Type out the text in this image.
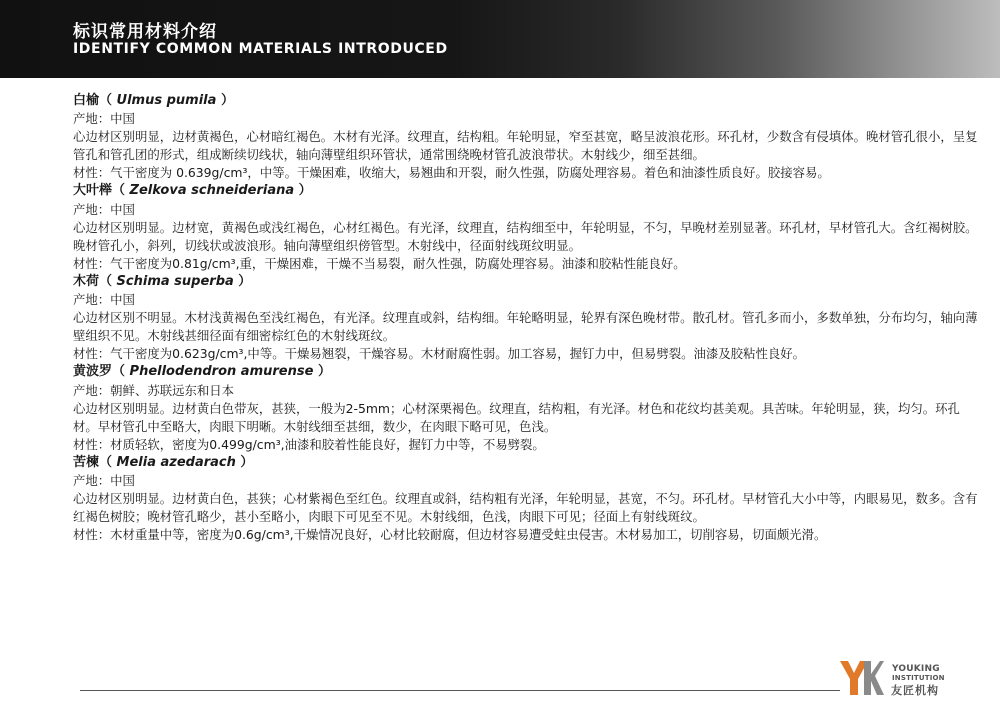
标识常用材料介绍
IDENTIFY COMMON MATERIALS INTRODUCED

白榆（ Ulmus pumila ）

产地：中国

心边材区别明显，边材黄褐色，心材暗红褐色。木材有光泽。纹理直，结构粗。年轮明显，窄至甚宽，略呈波浪花形。环孔材，少数含有侵填体。晚材管孔很小，呈复管孔和管孔团的形式，组成断续切线状，轴向薄壁组织环管状，通常围绕晚材管孔波浪带状。木射线少，细至甚细。

材性：气干密度为 0.639g/cm³，中等。干燥困难，收缩大，易翘曲和开裂，耐久性强，防腐处理容易。着色和油漆性质良好。胶接容易。

大叶榉（ Zelkova schneideriana ）

产地：中国

心边材区别明显。边材宽，黄褐色或浅红褐色，心材红褐色。有光泽，纹理直，结构细至中，年轮明显，不匀，早晚材差别显著。环孔材，早材管孔大。含红褐树胶。晚材管孔小，斜列，切线状或波浪形。轴向薄壁组织傍管型。木射线中，径面射线斑纹明显。

材性：气干密度为0.81g/cm³,重，干燥困难，干燥不当易裂，耐久性强，防腐处理容易。油漆和胶粘性能良好。

木荷（ Schima superba ）

产地：中国

心边材区别不明显。木材浅黄褐色至浅红褐色，有光泽。纹理直或斜，结构细。年轮略明显，轮界有深色晚材带。散孔材。管孔多而小，多数单独，分布均匀，轴向薄壁组织不见。木射线甚细径面有细密棕红色的木射线斑纹。

材性：气干密度为0.623g/cm³,中等。干燥易翘裂，干燥容易。木材耐腐性弱。加工容易，握钉力中，但易劈裂。油漆及胶粘性良好。

黄波罗（ Phellodendron amurense ）

产地：朝鲜、苏联远东和日本

心边材区别明显。边材黄白色带灰，甚狭，一般为2-5mm；心材深栗褐色。纹理直，结构粗，有光泽。材色和花纹均甚美观。具苦味。年轮明显，狭，均匀。环孔材。早材管孔中至略大，肉眼下明晰。木射线细至甚细，数少，在肉眼下略可见，色浅。

材性：材质轻软，密度为0.499g/cm³,油漆和胶着性能良好，握钉力中等，不易劈裂。

苦楝（ Melia azedarach ）

产地：中国

心边材区别明显。边材黄白色，甚狭；心材紫褐色至红色。纹理直或斜，结构粗有光泽，年轮明显，甚宽，不匀。环孔材。早材管孔大小中等，内眼易见，数多。含有红褐色树胶；晚材管孔略少，甚小至略小，肉眼下可见至不见。木射线细，色浅，肉眼下可见；径面上有射线斑纹。

材性：木材重量中等，密度为0.6g/cm³,干燥情况良好，心材比较耐腐，但边材容易遭受蛀虫侵害。木材易加工，切削容易，切面颇光滑。

YOUKING
INSTITUTION
友匠机构
